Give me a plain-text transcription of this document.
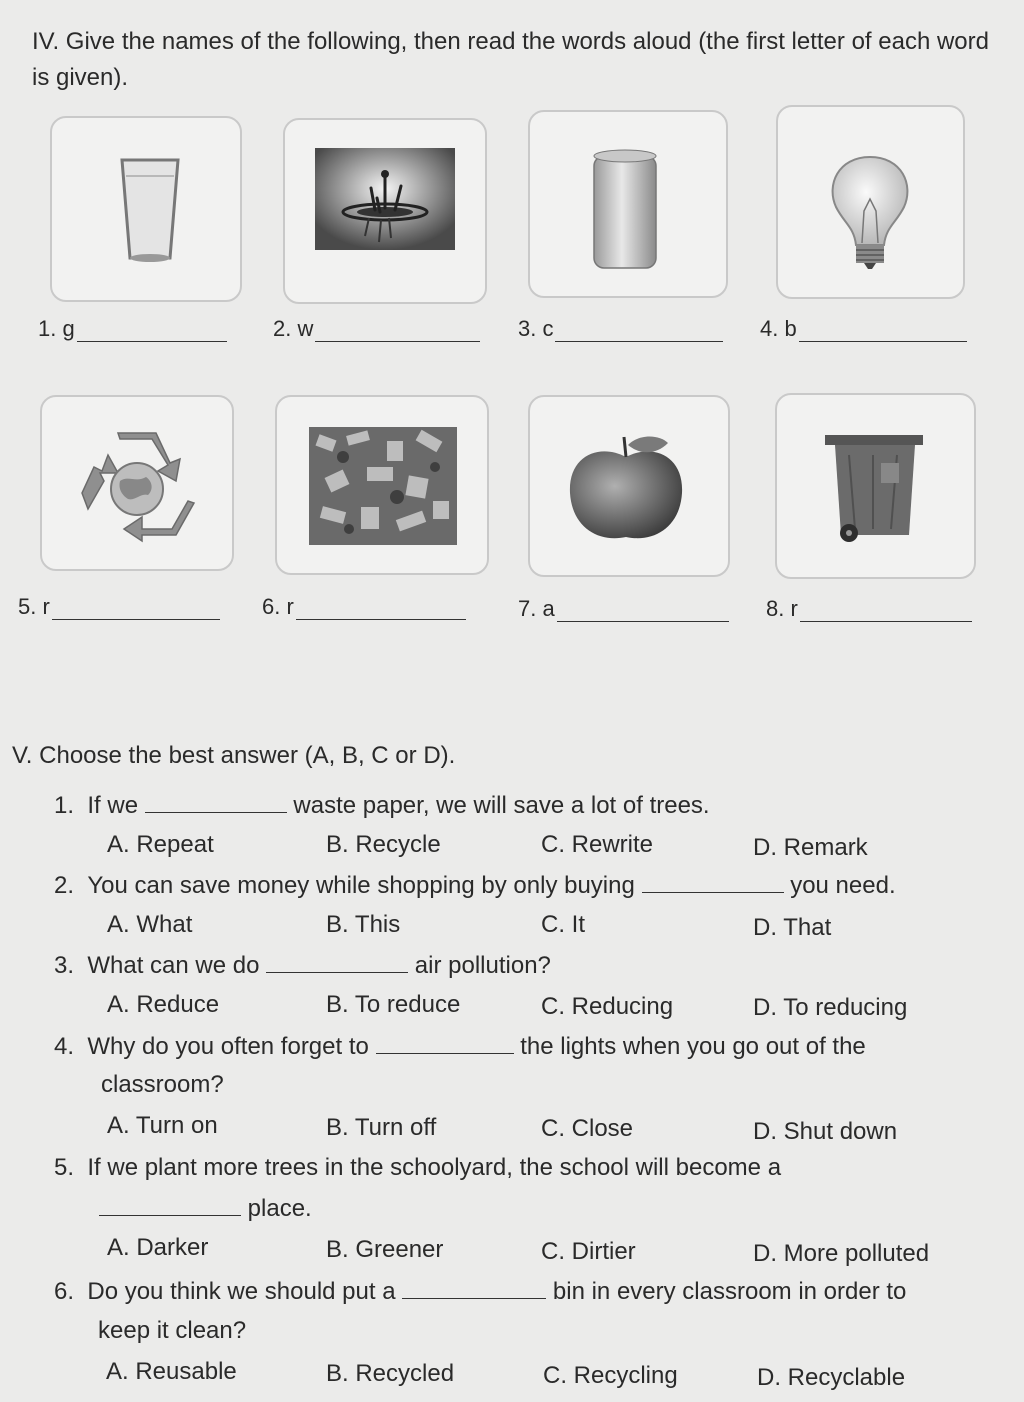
IV. Give the names of the following, then read the words aloud (the first letter of each word is given).
1.
g	2.
w	3.
c	4.
b
5.
r	6.
r	7.
a	8.
r
V. Choose the best answer (A, B, C or D).
1. If we	waste paper, we will save a lot of trees.
A. Repeat	B. Recycle	C. Rewrite	D. Remark
2. You can save money while shopping by only buying	you need.
A. What	B. This	C. It	D. That
3. What can we do	air pollution?
A. Reduce	B. To reduce	C. Reducing	D. To reducing
4. Why do you often forget to	the lights when you go out of the
classroom?
A. Turn on	B. Turn off	C. Close	D. Shut down
5. If we plant more trees in the schoolyard, the school will become a
place.
A. Darker	B. Greener	C. Dirtier	D. More polluted
6. Do you think we should put a	bin in every classroom in order to
keep it clean?
A. Reusable	B. Recycled	C. Recycling	D. Recyclable
